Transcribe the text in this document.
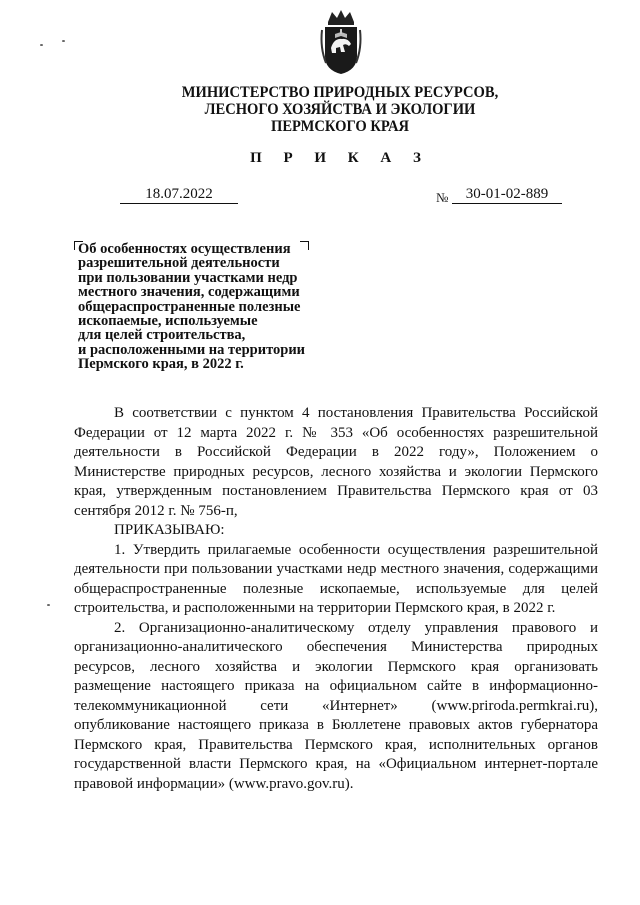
МИНИСТЕРСТВО ПРИРОДНЫХ РЕСУРСОВ,
ЛЕСНОГО ХОЗЯЙСТВА И ЭКОЛОГИИ
ПЕРМСКОГО КРАЯ
П Р И К А З
18.07.2022	№	30-01-02-889
Об особенностях осуществления
разрешительной деятельности
при пользовании участками недр
местного значения, содержащими
общераспространенные полезные
ископаемые, используемые
для целей строительства,
и расположенными на территории
Пермского края, в 2022 г.

В соответствии с пунктом 4 постановления Правительства Российской Федерации от 12 марта 2022 г. № 353 «Об особенностях разрешительной деятельности в Российской Федерации в 2022 году», Положением о Министерстве природных ресурсов, лесного хозяйства и экологии Пермского края, утвержденным постановлением Правительства Пермского края от 03 сентября 2012 г. № 756-п,

ПРИКАЗЫВАЮ:

1. Утвердить прилагаемые особенности осуществления разрешительной деятельности при пользовании участками недр местного значения, содержащими общераспространенные полезные ископаемые, используемые для целей строительства, и расположенными на территории Пермского края, в 2022 г.

2. Организационно-аналитическому отделу управления правового и организационно-аналитического обеспечения Министерства природных ресурсов, лесного хозяйства и экологии Пермского края организовать размещение настоящего приказа на официальном сайте в информационно-телекоммуникационной сети «Интернет» (www.priroda.permkrai.ru), опубликование настоящего приказа в Бюллетене правовых актов губернатора Пермского края, Правительства Пермского края, исполнительных органов государственной власти Пермского края, на «Официальном интернет-портале правовой информации» (www.pravo.gov.ru).
